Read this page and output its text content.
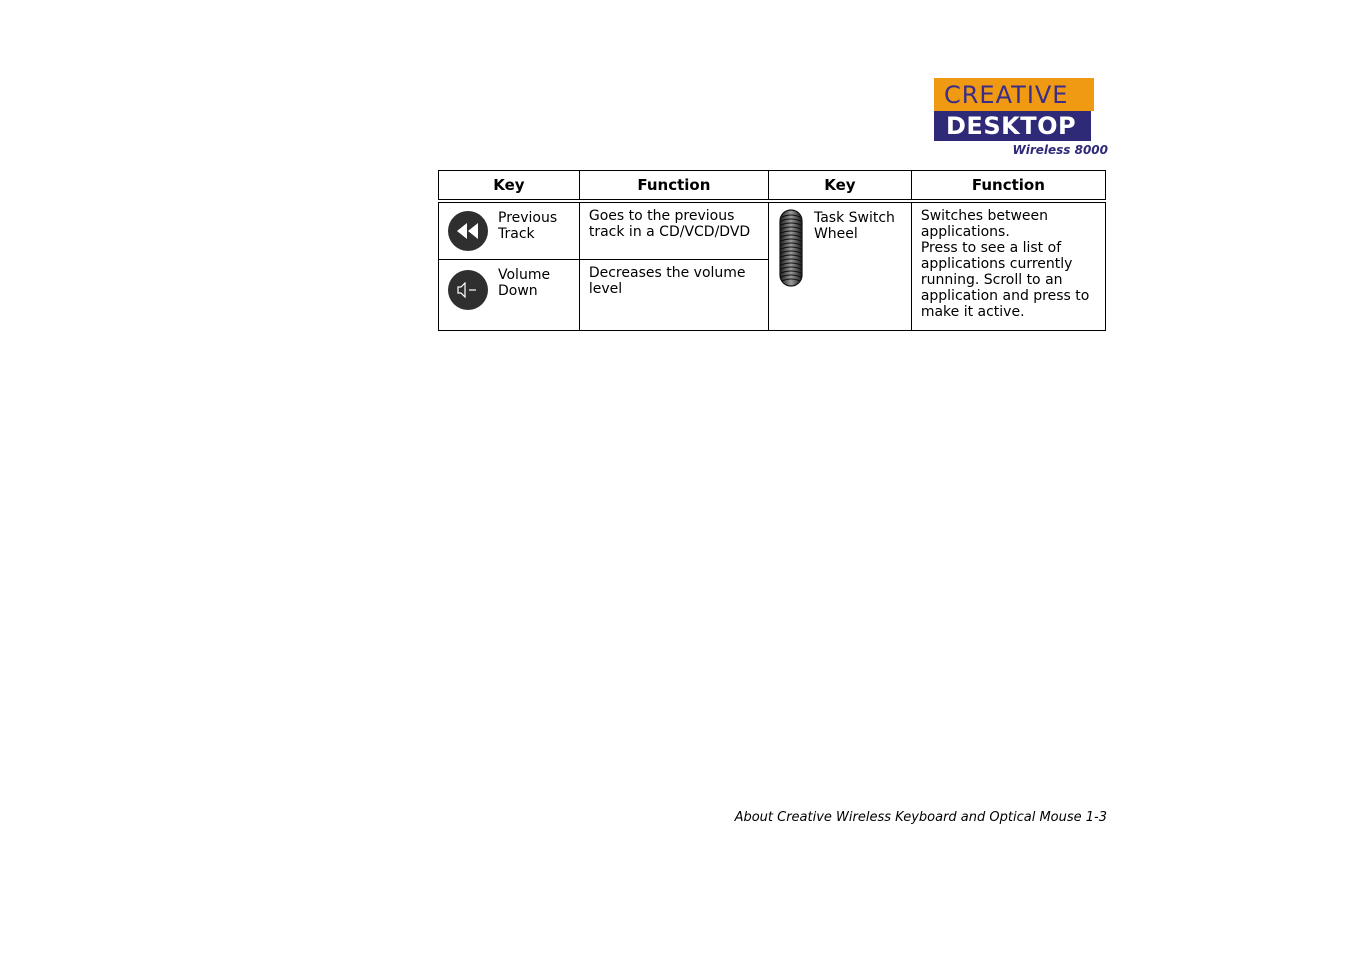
CREATIVE
DESKTOP
Wireless 8000
Key	Function	Key	Function

Previous Track	Goes to the previous track in a CD/VCD/DVD	Task Switch Wheel	Switches between applications.
Press to see a list of applications currently running. Scroll to an application and press to make it active.

Volume Down	Decreases the volume level		
About Creative Wireless Keyboard and Optical Mouse 1-3
